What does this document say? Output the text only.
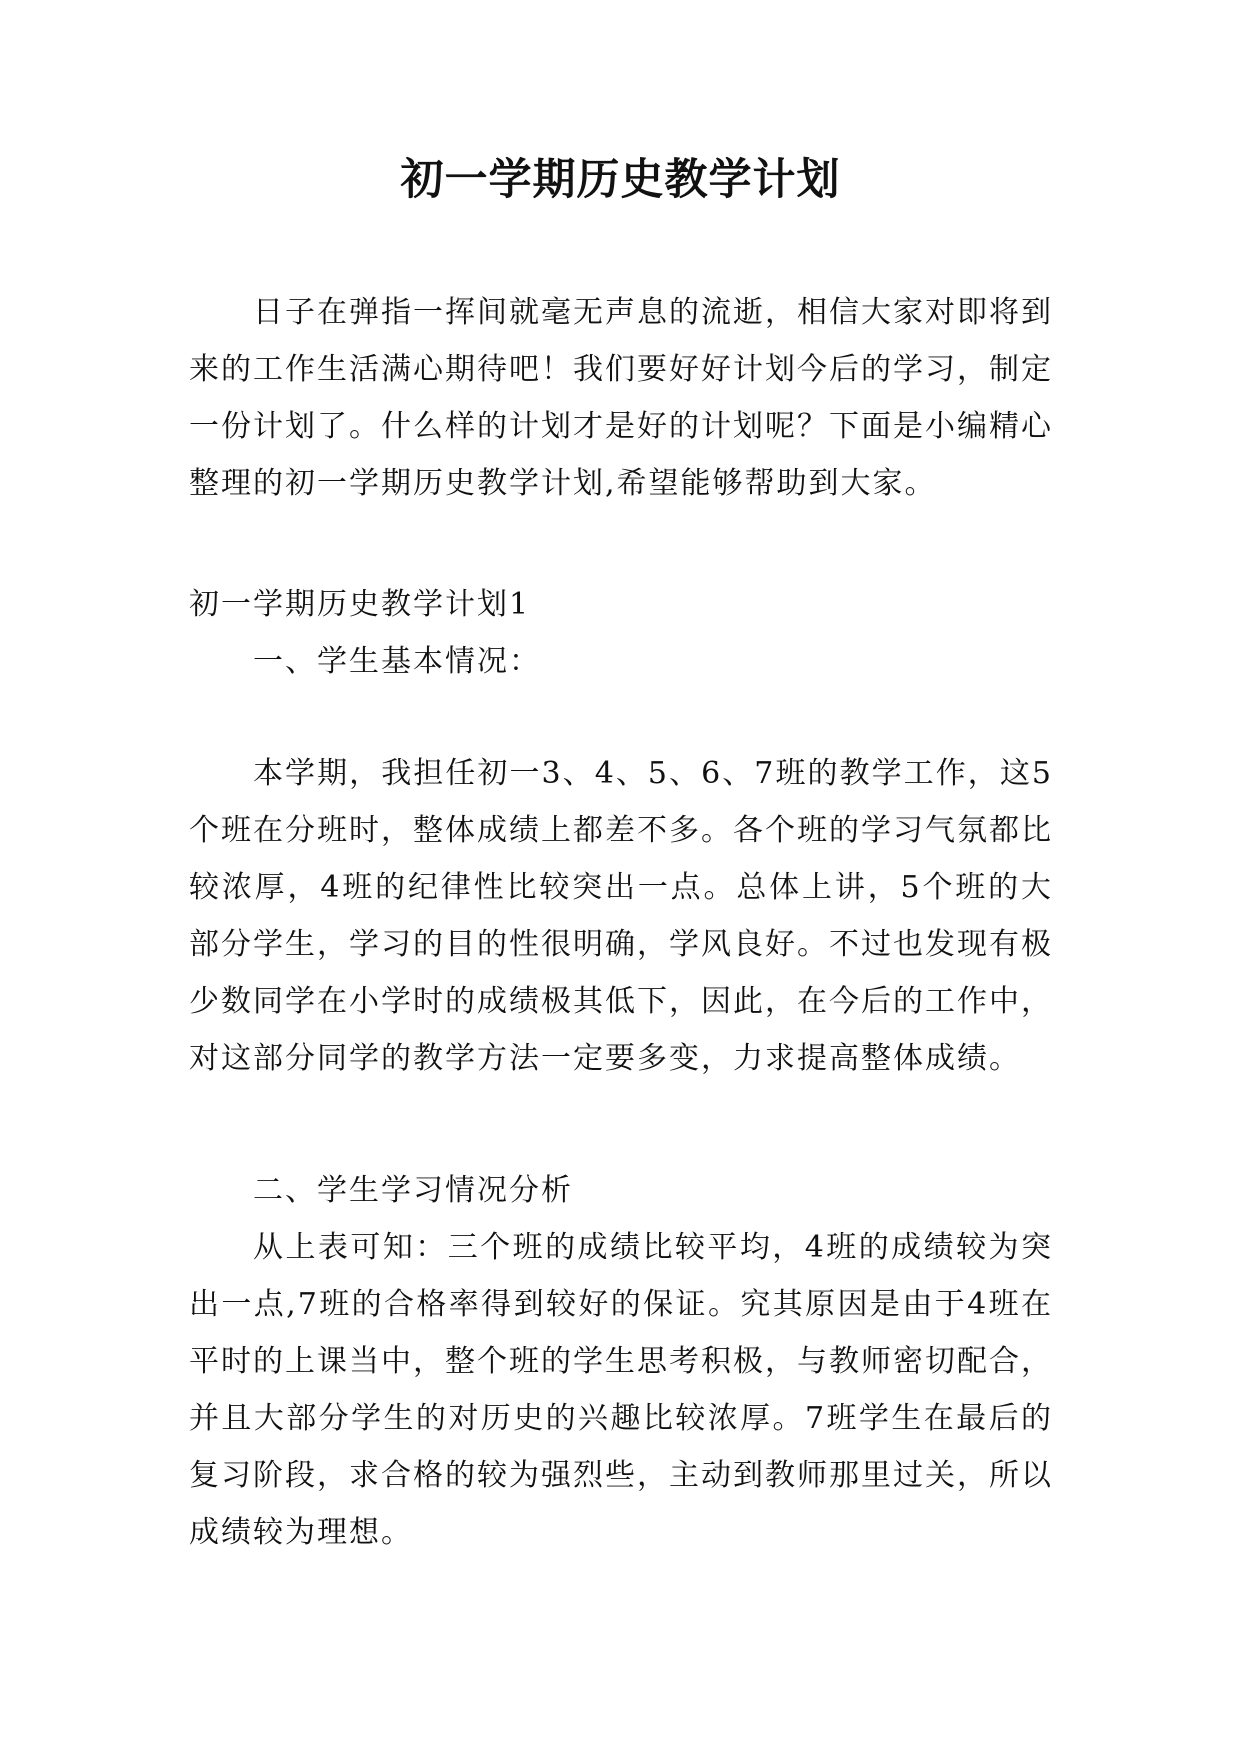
初一学期历史教学计划

日子在弹指一挥间就毫无声息的流逝，相信大家对即将到来的工作生活满心期待吧！我们要好好计划今后的学习，制定一份计划了。什么样的计划才是好的计划呢？下面是小编精心整理的初一学期历史教学计划,希望能够帮助到大家。

初一学期历史教学计划1

一、学生基本情况：

本学期，我担任初一3、4、5、6、7班的教学工作，这5个班在分班时，整体成绩上都差不多。各个班的学习气氛都比较浓厚，4班的纪律性比较突出一点。总体上讲，5个班的大部分学生，学习的目的性很明确，学风良好。不过也发现有极少数同学在小学时的成绩极其低下，因此，在今后的工作中，对这部分同学的教学方法一定要多变，力求提高整体成绩。

二、学生学习情况分析

从上表可知：三个班的成绩比较平均，4班的成绩较为突出一点,7班的合格率得到较好的保证。究其原因是由于4班在平时的上课当中，整个班的学生思考积极，与教师密切配合，并且大部分学生的对历史的兴趣比较浓厚。7班学生在最后的复习阶段，求合格的较为强烈些，主动到教师那里过关，所以成绩较为理想。
